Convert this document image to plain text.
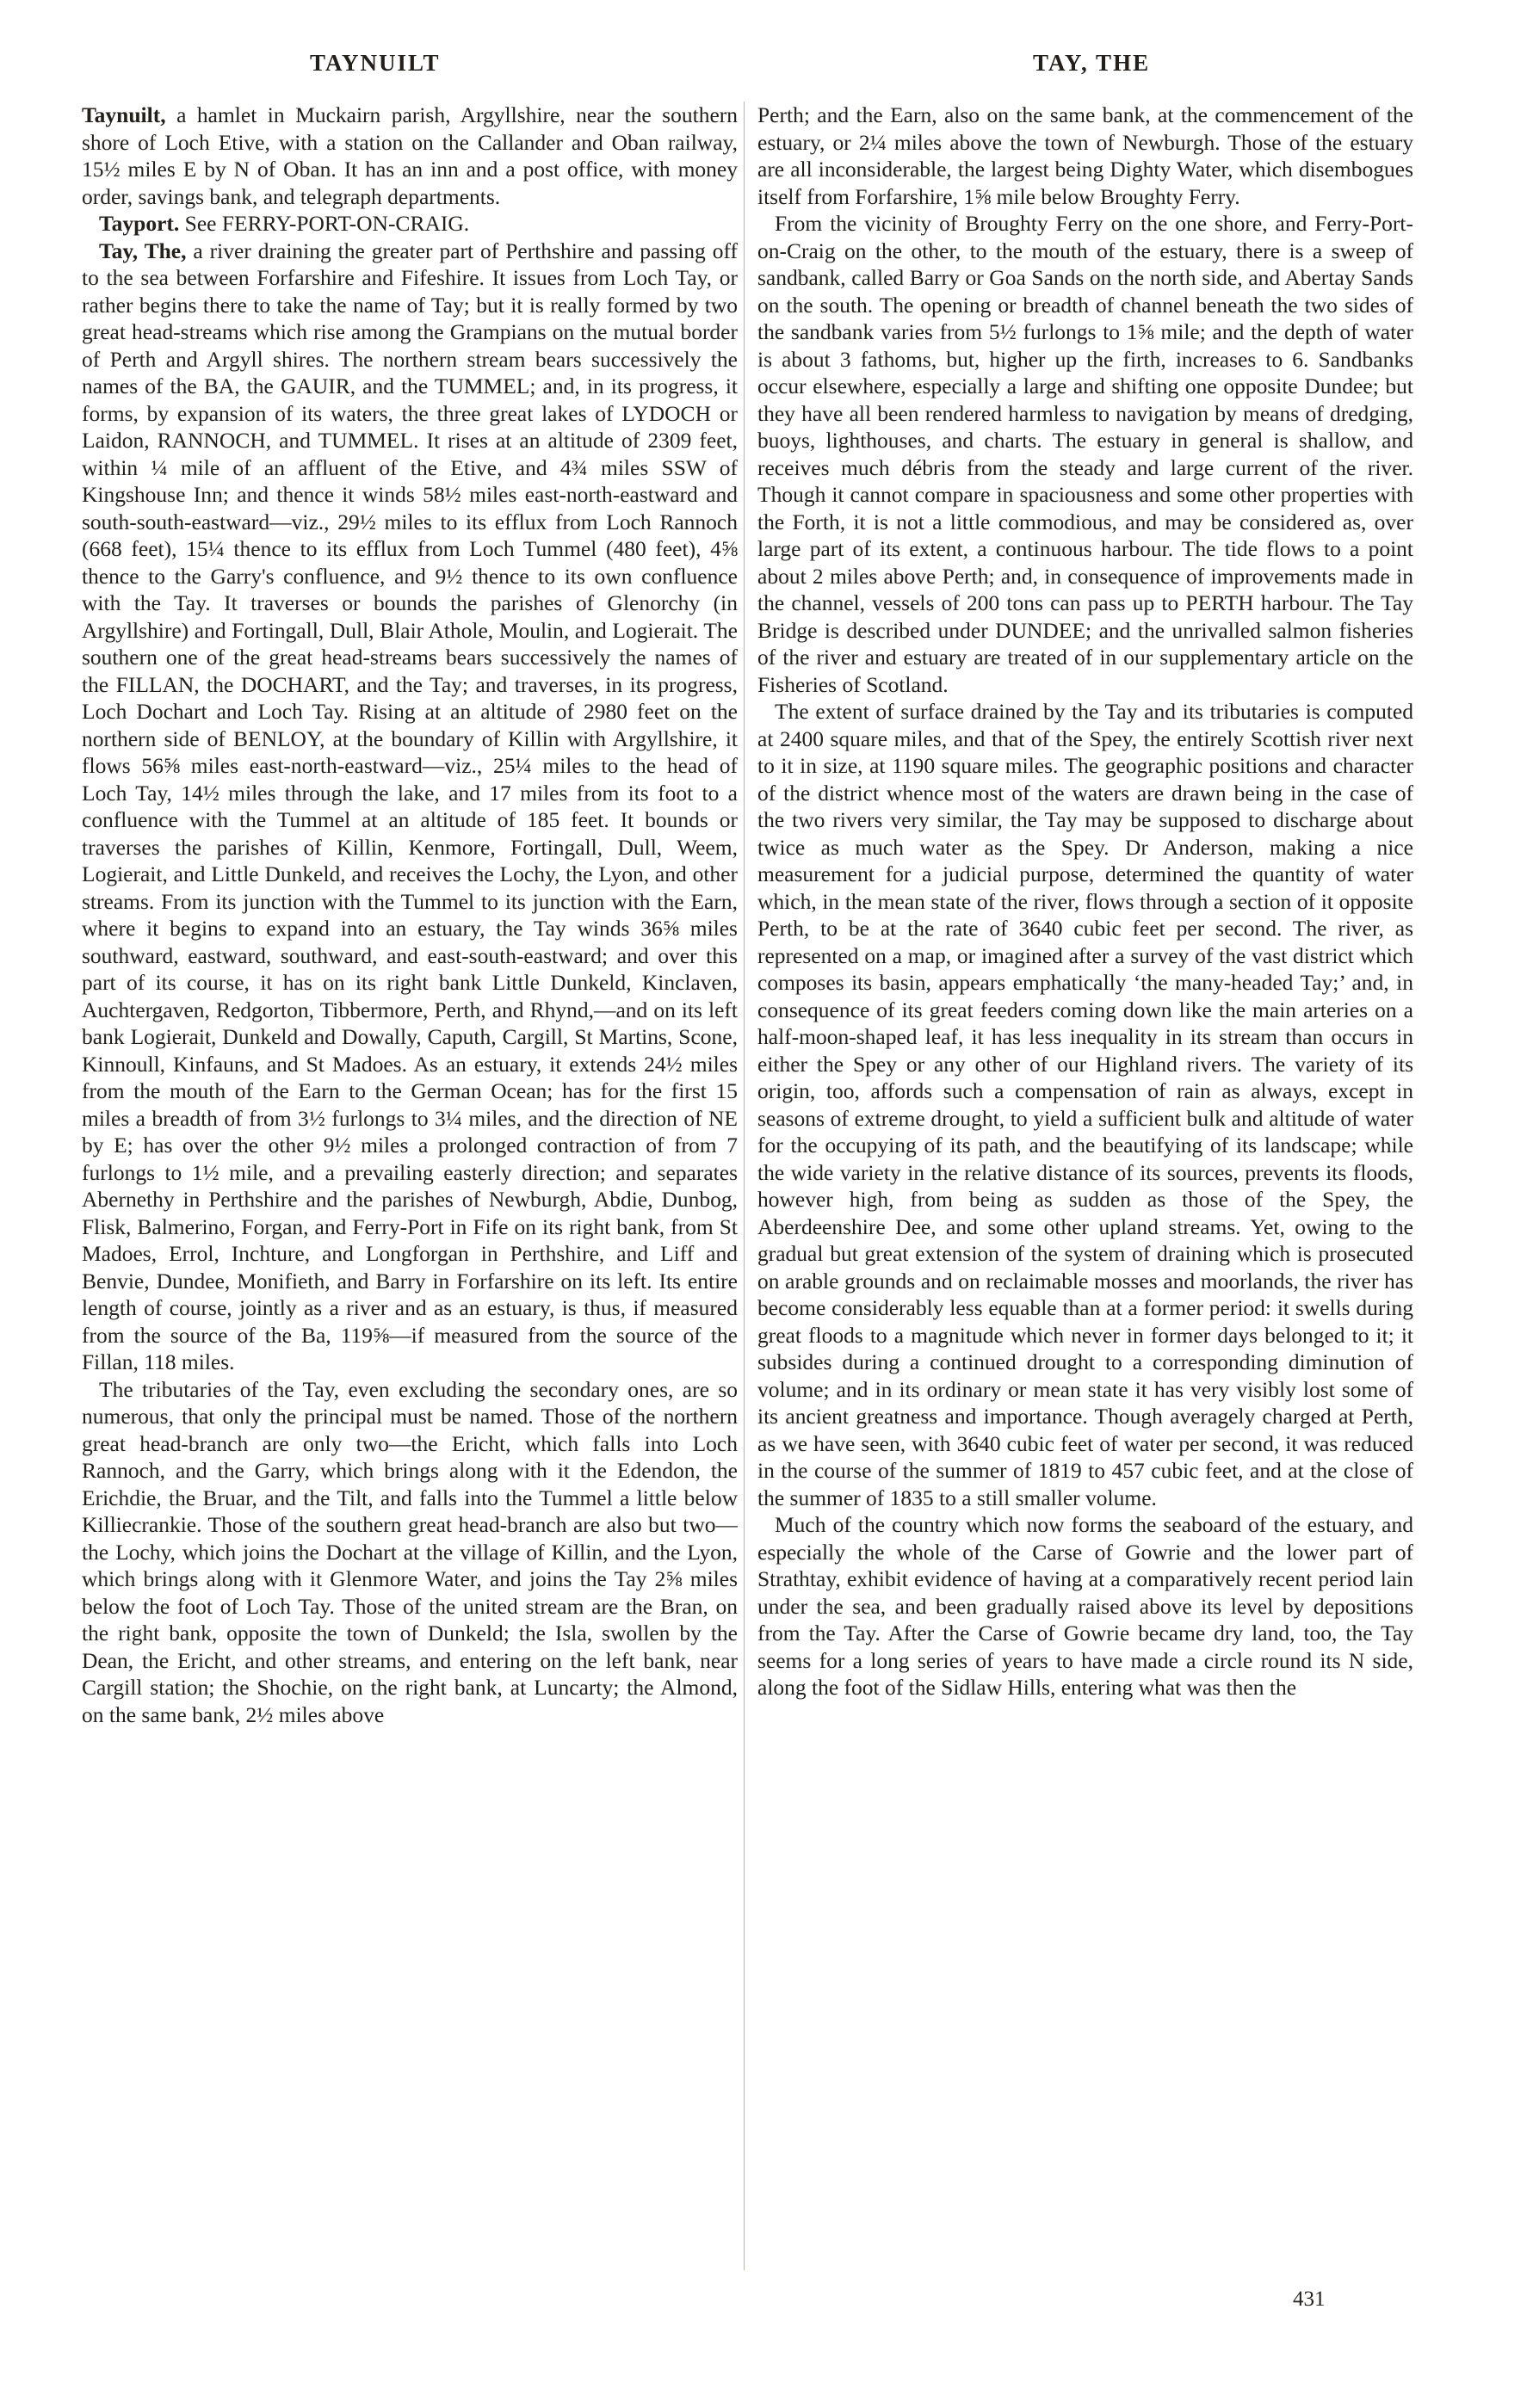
TAYNUILT	TAY, THE

Taynuilt, a hamlet in Muckairn parish, Argyllshire, near the southern shore of Loch Etive, with a station on the Callander and Oban railway, 15½ miles E by N of Oban. It has an inn and a post office, with money order, savings bank, and telegraph departments.

Tayport. See FERRY-PORT-ON-CRAIG.

Tay, The, a river draining the greater part of Perthshire and passing off to the sea between Forfarshire and Fifeshire. It issues from Loch Tay, or rather begins there to take the name of Tay; but it is really formed by two great head-streams which rise among the Grampians on the mutual border of Perth and Argyll shires. The northern stream bears successively the names of the BA, the GAUIR, and the TUMMEL; and, in its progress, it forms, by expansion of its waters, the three great lakes of LYDOCH or Laidon, RANNOCH, and TUMMEL. It rises at an altitude of 2309 feet, within ¼ mile of an affluent of the Etive, and 4¾ miles SSW of Kingshouse Inn; and thence it winds 58½ miles east-north-eastward and south-south-eastward—viz., 29½ miles to its efflux from Loch Rannoch (668 feet), 15¼ thence to its efflux from Loch Tummel (480 feet), 4⅝ thence to the Garry's confluence, and 9½ thence to its own confluence with the Tay. It traverses or bounds the parishes of Glenorchy (in Argyllshire) and Fortingall, Dull, Blair Athole, Moulin, and Logierait. The southern one of the great head-streams bears successively the names of the FILLAN, the DOCHART, and the Tay; and traverses, in its progress, Loch Dochart and Loch Tay. Rising at an altitude of 2980 feet on the northern side of BENLOY, at the boundary of Killin with Argyllshire, it flows 56⅝ miles east-north-eastward—viz., 25¼ miles to the head of Loch Tay, 14½ miles through the lake, and 17 miles from its foot to a confluence with the Tummel at an altitude of 185 feet. It bounds or traverses the parishes of Killin, Kenmore, Fortingall, Dull, Weem, Logierait, and Little Dunkeld, and receives the Lochy, the Lyon, and other streams. From its junction with the Tummel to its junction with the Earn, where it begins to expand into an estuary, the Tay winds 36⅝ miles southward, eastward, southward, and east-south-eastward; and over this part of its course, it has on its right bank Little Dunkeld, Kinclaven, Auchtergaven, Redgorton, Tibbermore, Perth, and Rhynd,—and on its left bank Logierait, Dunkeld and Dowally, Caputh, Cargill, St Martins, Scone, Kinnoull, Kinfauns, and St Madoes. As an estuary, it extends 24½ miles from the mouth of the Earn to the German Ocean; has for the first 15 miles a breadth of from 3½ furlongs to 3¼ miles, and the direction of NE by E; has over the other 9½ miles a prolonged contraction of from 7 furlongs to 1½ mile, and a prevailing easterly direction; and separates Abernethy in Perthshire and the parishes of Newburgh, Abdie, Dunbog, Flisk, Balmerino, Forgan, and Ferry-Port in Fife on its right bank, from St Madoes, Errol, Inchture, and Longforgan in Perthshire, and Liff and Benvie, Dundee, Monifieth, and Barry in Forfarshire on its left. Its entire length of course, jointly as a river and as an estuary, is thus, if measured from the source of the Ba, 119⅝—if measured from the source of the Fillan, 118 miles.

The tributaries of the Tay, even excluding the secondary ones, are so numerous, that only the principal must be named. Those of the northern great head-branch are only two—the Ericht, which falls into Loch Rannoch, and the Garry, which brings along with it the Edendon, the Erichdie, the Bruar, and the Tilt, and falls into the Tummel a little below Killiecrankie. Those of the southern great head-branch are also but two—the Lochy, which joins the Dochart at the village of Killin, and the Lyon, which brings along with it Glenmore Water, and joins the Tay 2⅝ miles below the foot of Loch Tay. Those of the united stream are the Bran, on the right bank, opposite the town of Dunkeld; the Isla, swollen by the Dean, the Ericht, and other streams, and entering on the left bank, near Cargill station; the Shochie, on the right bank, at Luncarty; the Almond, on the same bank, 2½ miles above

Perth; and the Earn, also on the same bank, at the commencement of the estuary, or 2¼ miles above the town of Newburgh. Those of the estuary are all inconsiderable, the largest being Dighty Water, which disembogues itself from Forfarshire, 1⅝ mile below Broughty Ferry.

From the vicinity of Broughty Ferry on the one shore, and Ferry-Port-on-Craig on the other, to the mouth of the estuary, there is a sweep of sandbank, called Barry or Goa Sands on the north side, and Abertay Sands on the south. The opening or breadth of channel beneath the two sides of the sandbank varies from 5½ furlongs to 1⅝ mile; and the depth of water is about 3 fathoms, but, higher up the firth, increases to 6. Sandbanks occur elsewhere, especially a large and shifting one opposite Dundee; but they have all been rendered harmless to navigation by means of dredging, buoys, lighthouses, and charts. The estuary in general is shallow, and receives much débris from the steady and large current of the river. Though it cannot compare in spaciousness and some other properties with the Forth, it is not a little commodious, and may be considered as, over large part of its extent, a continuous harbour. The tide flows to a point about 2 miles above Perth; and, in consequence of improvements made in the channel, vessels of 200 tons can pass up to PERTH harbour. The Tay Bridge is described under DUNDEE; and the unrivalled salmon fisheries of the river and estuary are treated of in our supplementary article on the Fisheries of Scotland.

The extent of surface drained by the Tay and its tributaries is computed at 2400 square miles, and that of the Spey, the entirely Scottish river next to it in size, at 1190 square miles. The geographic positions and character of the district whence most of the waters are drawn being in the case of the two rivers very similar, the Tay may be supposed to discharge about twice as much water as the Spey. Dr Anderson, making a nice measurement for a judicial purpose, determined the quantity of water which, in the mean state of the river, flows through a section of it opposite Perth, to be at the rate of 3640 cubic feet per second. The river, as represented on a map, or imagined after a survey of the vast district which composes its basin, appears emphatically ‘the many-headed Tay;’ and, in consequence of its great feeders coming down like the main arteries on a half-moon-shaped leaf, it has less inequality in its stream than occurs in either the Spey or any other of our Highland rivers. The variety of its origin, too, affords such a compensation of rain as always, except in seasons of extreme drought, to yield a sufficient bulk and altitude of water for the occupying of its path, and the beautifying of its landscape; while the wide variety in the relative distance of its sources, prevents its floods, however high, from being as sudden as those of the Spey, the Aberdeenshire Dee, and some other upland streams. Yet, owing to the gradual but great extension of the system of draining which is prosecuted on arable grounds and on reclaimable mosses and moorlands, the river has become considerably less equable than at a former period: it swells during great floods to a magnitude which never in former days belonged to it; it subsides during a continued drought to a corresponding diminution of volume; and in its ordinary or mean state it has very visibly lost some of its ancient greatness and importance. Though averagely charged at Perth, as we have seen, with 3640 cubic feet of water per second, it was reduced in the course of the summer of 1819 to 457 cubic feet, and at the close of the summer of 1835 to a still smaller volume.

Much of the country which now forms the seaboard of the estuary, and especially the whole of the Carse of Gowrie and the lower part of Strathtay, exhibit evidence of having at a comparatively recent period lain under the sea, and been gradually raised above its level by depositions from the Tay. After the Carse of Gowrie became dry land, too, the Tay seems for a long series of years to have made a circle round its N side, along the foot of the Sidlaw Hills, entering what was then the

431
